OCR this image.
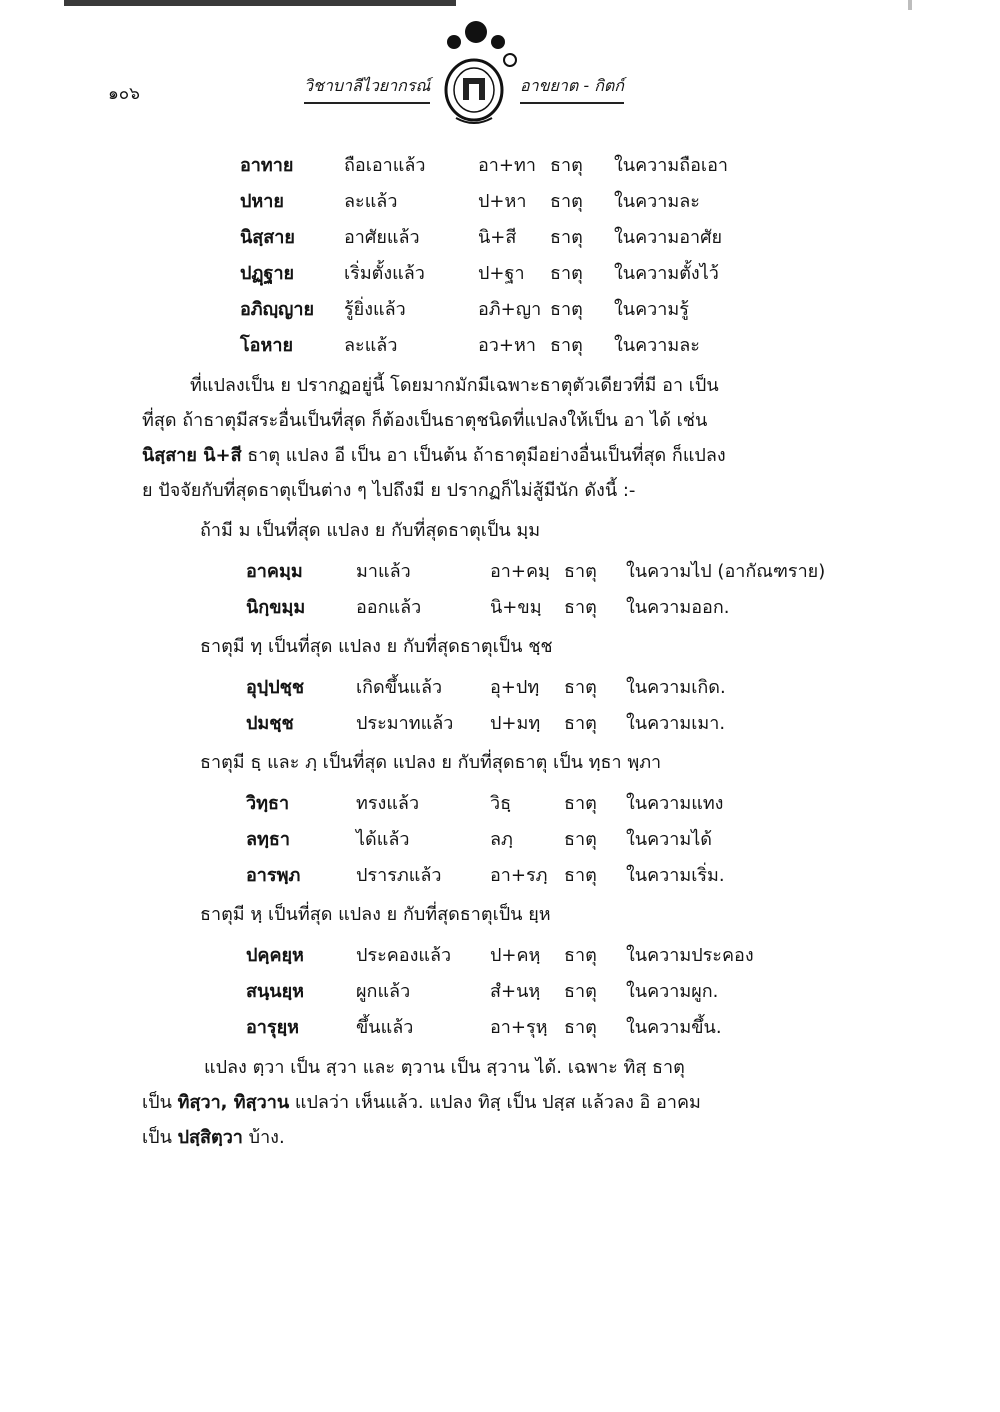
๑๐๖	วิชาบาลีไวยากรณ์	อาขยาต - กิตก์
อาทาย	ถือเอาแล้ว	อา+ทา ธาตุ ในความถือเอา
ปหาย	ละแล้ว	ป+หา ธาตุ ในความละ
นิสฺสาย	อาศัยแล้ว	นิ+สี ธาตุ ในความอาศัย
ปฏฺฐาย	เริ่มตั้งแล้ว	ป+ฐา ธาตุ ในความตั้งไว้
อภิญฺญาย รู้ยิ่งแล้ว	อภิ+ญา ธาตุ ในความรู้
โอหาย	ละแล้ว	อว+หา ธาตุ ในความละ
ที่แปลงเป็น ย ปรากฏอยู่นี้ โดยมากมักมีเฉพาะธาตุตัวเดียวที่มี อา เป็น
ที่สุด ถ้าธาตุมีสระอื่นเป็นที่สุด ก็ต้องเป็นธาตุชนิดที่แปลงให้เป็น อา ได้ เช่น
นิสฺสาย นิ+สี ธาตุ แปลง อี เป็น อา เป็นต้น ถ้าธาตุมีอย่างอื่นเป็นที่สุด ก็แปลง
ย ปัจจัยกับที่สุดธาตุเป็นต่าง ๆ ไปถึงมี ย ปรากฏก็ไม่สู้มีนัก ดังนี้ :-
ถ้ามี ม เป็นที่สุด แปลง ย กับที่สุดธาตุเป็น มฺม
อาคมฺม	มาแล้ว	อา+คมฺ ธาตุ ในความไป (อากัณฑราย)
นิกฺขมฺม	ออกแล้ว	นิ+ขมฺ ธาตุ ในความออก.
ธาตุมี ทฺ เป็นที่สุด แปลง ย กับที่สุดธาตุเป็น ชฺช
อุปฺปชฺช	เกิดขึ้นแล้ว	อุ+ปทฺ ธาตุ ในความเกิด.
ปมชฺช	ประมาทแล้ว ป+มทฺ ธาตุ ในความเมา.
ธาตุมี ธฺ และ ภฺ เป็นที่สุด แปลง ย กับที่สุดธาตุ เป็น ทฺธา พฺภา
วิทฺธา	ทรงแล้ว	วิธฺ	ธาตุ ในความแทง
ลทฺธา	ได้แล้ว	ลภฺ	ธาตุ ในความได้
อารพฺภ	ปรารภแล้ว	อา+รภฺ ธาตุ ในความเริ่ม.
ธาตุมี หฺ เป็นที่สุด แปลง ย กับที่สุดธาตุเป็น ยฺห
ปคฺคยฺห	ประคองแล้ว ป+คหฺ ธาตุ ในความประคอง
สนฺนยฺห	ผูกแล้ว	สํ+นหฺ ธาตุ ในความผูก.
อารุยฺห	ขึ้นแล้ว	อา+รุหฺ ธาตุ ในความขึ้น.
แปลง ตฺวา เป็น สฺวา และ ตฺวาน เป็น สฺวาน ได้. เฉพาะ ทิสฺ ธาตุ
เป็น ทิสฺวา, ทิสฺวาน แปลว่า เห็นแล้ว. แปลง ทิสฺ เป็น ปสฺส แล้วลง อิ อาคม
เป็น ปสฺสิตฺวา บ้าง.
